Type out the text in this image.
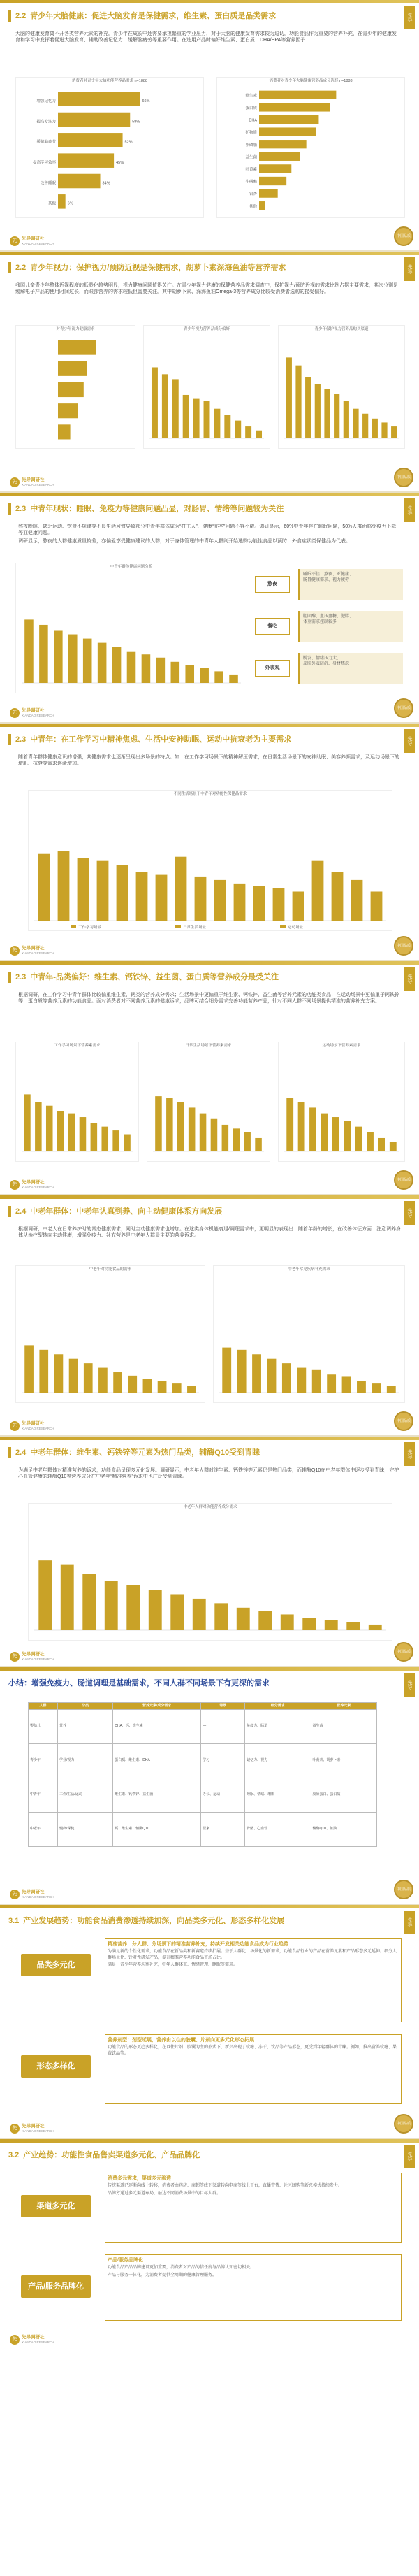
2.2 青少年大脑健康：促进大脑发育是保健需求，维生素、蛋白质是品类需求	先导
大脑的健康发育离不开各类营养元素的补充。青少年在成长中还需要承担繁重的学业压力，对于大脑的健康发育需求较为迫切。功能食品作为重要的营养补充，在青少年的健康发育和学习中发挥着促进大脑发育、辅助改善记忆力、缓解脑疲劳等重要作用。在选用产品时偏好维生素、蛋白质、DHA/EPA等营养因子
消费者对青少年大脑功能营养品需求 n=1888
增强记忆力	66%
提高专注力	58%
缓解脑疲劳	52%
提高学习效率	45%
改善睡眠	34%
其他	6%
消费者对青少年大脑健康营养品成分选择 n=1888
维生素
蛋白质
DHA
矿物质
卵磷脂
益生菌
叶黄素
牛磺酸
银杏
其他
先	先导调研社
XIANDAO RESEARCH
中国品质
2.2 青少年视力：保护视力/预防近视是保健需求，胡萝卜素深海鱼油等营养需求	先导
我国儿童青少年整体近视程度的低龄化趋势明显，视力健康问题值得关注。在青少年视力健康的保健营养品需求调查中，保护视力/预防近视的需求比例占据主要需求，其次分别是缓解电子产品的使用时间过长，而眼部营养的需求较低但需要关注。其中胡萝卜素、深海鱼油Omega-3等营养成分比较受消费者选购的接受偏好。
对青少年视力健康需求	青少年视力营养品成分偏好	青少年保护视力营养品购买渠道
先	先导调研社
XIANDAO RESEARCH
中国品质
2.3 中青年现状：睡眠、免疫力等健康问题凸显，对肠胃、情绪等问题较为关注	先导

熬夜晚睡、缺乏运动、饮食不规律等不良生活习惯导致部分中青年群体成为“打工人”、健康“亦辛”问题不容小觑。调研显示，60%中青年存在睡眠问题，50%人群面临免疫力下降等亚健康问题。

调研显示，熬夜的人群健康质量较差，亦偏爱享受健康建议的人群，对于身体管理的中青年人群则开始选购功能性食品以预防、外食症状类保健品为代表。

中青年群体健康问题分析
熬夜
睡眠不佳、熬夜、亚健康、
肠胃健康需求、视力疲劳
餐吃
胆固醇、血压血糖、肥胖、
体重需求控制较多
外表观
脱发、情绪压力大、
皮肤外表暗沉、身材焦虑
先	先导调研社
XIANDAO RESEARCH
中国品质
2.3 中青年：在工作学习中精神焦虑、生活中安神助眠、运动中抗衰老为主要需求	先导

随着青年群体健康意识的增强，其健康需求也逐渐呈现出多场景的特点。如：在工作学习场景下的精神解压需求，在日常生活场景下的安神助眠、美容养颜需求，及运动场景下的增肌、抗衰等需求逐渐增加。

不同生活场景下中青年对功能性保健品需求
工作学习场景	日常生活场景	运动场景
先	先导调研社
XIANDAO RESEARCH
中国品质
2.3 中青年-品类偏好：维生素、钙铁锌、益生菌、蛋白质等营养成分最受关注	先导

根据调研，在工作学习中青年群体比较偏重维生素、钙类的营养成分需求；生活场景中更偏重于维生素、钙铁锌、益生菌等营养元素的功能类食品；在运动场景中更偏重于钙铁锌等、蛋白质等营养元素的功能食品。面对消费者对不同营养元素的健康诉求，品牌可结合细分需求完善功能营养产品，针对不同人群不同场景提供精准的营养补充方案。

工作学习场景下营养素需求	日常生活场景下营养素需求	运动场景下营养素需求
先	先导调研社
XIANDAO RESEARCH
中国品质
2.4 中老年群体：中老年认真到养、向主动健康体系方向发展	先导

根据调研，中老人在日常养护时的常态健康需求，同时主动健康需求也增加。在这类身体机能衰退/调理需求中，更明显的表现出：随着年龄的增长，在改善体征方面：注意调养身体从治疗型转向主动健康，增强免疫力、补充营养是中老年人群最主要的营养诉求。

中老年对功能食品的需求	中老年常见疾病补充需求
先	先导调研社
XIANDAO RESEARCH
中国品质
2.4 中老年群体：维生素、钙铁锌等元素为热门品类，辅酶Q10受到青睐	先导

为满足中老年群体对精准营养的诉求，功能食品呈现多元化发展。调研显示，中老年人群对维生素、钙铁锌等元素仍是热门品类，而辅酶Q10在中老年群体中逐步受到青睐，守护心血管健康的辅酶Q10等营养成分在中老年“精准营养”诉求中也广泛受到青睐。

中老年人群对功能营养成分需求
先	先导调研社
XIANDAO RESEARCH
中国品质
小结：增强免疫力、肠道调理是基础需求，不同人群不同场景下有更深的需求	先导
人群	分类	营养元素/成分需求	场景	细分需求	营养元素
婴幼儿	营养	DHA、钙、维生素	—	免疫力、肠道	益生菌
青少年	学业/视力	蛋白质、维生素、DHA	学习	记忆力、视力	叶黄素、胡萝卜素
中青年	工作/生活/运动	维生素、钙铁锌、益生菌	办公、运动	睡眠、情绪、增肌	胶原蛋白、蛋白质
中老年	慢病/保健	钙、维生素、辅酶Q10	居家	骨骼、心血管	辅酶Q10、鱼油
先	先导调研社
XIANDAO RESEARCH
中国品质
3.1 产业发展趋势：功能食品消费渗透持续加深，向品类多元化、形态多样化发展	先导
品类多元化
精准营养：分人群、分场景下的精准营养补充，持续开发相关功能食品成为行业趋势

为满足新的个性化需求，功能食品在新品类和新赛道持续扩展。基于人群化、场景化的新需求，功能食品行业的产品在营养元素和产品形态多元延伸。细分人群场景化、针对性研发产品，提升精准营养功能食品市场占比。

满足：青少年营养均衡补充，中年人群体重、情绪管理、睡眠等需求。

形态多样化
营养剂型：剂型延展，营养由以往的胶囊、片剂向更多元化形态拓展

功能食品的形态更趋多样化，在以往片剂、胶囊为主的形式下，新兴出现了软糖、冻干、饮品等产品形态，更受到年轻群体的青睐。例如，推出营养软糖、果蔬饮品等。

先	先导调研社
XIANDAO RESEARCH
中国品质
3.2 产业趋势：功能性食品售卖渠道多元化、产品品牌化	先导
渠道多元化
消费多元需求，渠道多元渗透

传统渠道已逐渐向线上转移，消费者由药店、商超等线下渠道转向电商等线上平台，直播带货、社区团购等新兴模式持续发力。

品牌方通过多元渠道布局，触达不同消费场景中的目标人群。

产品/服务品牌化
产品/服务品牌化

功能食品产品品牌建设更加重要，消费者对产品的信任度与品牌认知密切相关。

产品与服务一体化，为消费者提供全周期的健康管理服务。

先	先导调研社
XIANDAO RESEARCH
